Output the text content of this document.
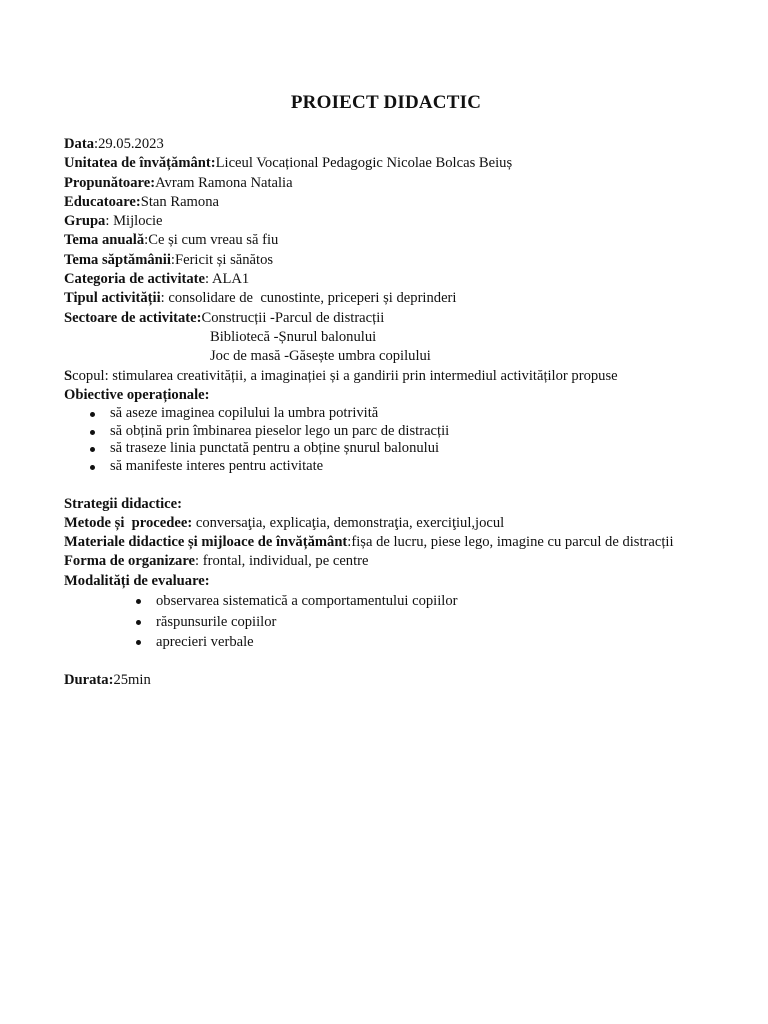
PROIECT DIDACTIC
Data:29.05.2023
Unitatea de învățământ:Liceul Vocațional Pedagogic Nicolae Bolcas Beiuș
Propunătoare:Avram Ramona Natalia
Educatoare:Stan Ramona
Grupa: Mijlocie
Tema anuală:Ce și cum vreau să fiu
Tema săptămânii:Fericit și sănătos
Categoria de activitate: ALA1
Tipul activității: consolidare de  cunostinte, priceperi și deprinderi
Sectoare de activitate:Construcții -Parcul de distracții
Bibliotecă -Șnurul balonului
Joc de masă -Găsește umbra copilului
Scopul: stimularea creativității, a imaginației și a gandirii prin intermediul activităților propuse
Obiective operaționale:
să aseze imaginea copilului la umbra potrivită
să obțină prin îmbinarea pieselor lego un parc de distracții
să traseze linia punctată pentru a obține șnurul balonului
să manifeste interes pentru activitate
Strategii didactice:
Metode și  procedee: conversaţia, explicaţia, demonstraţia, exerciţiul,jocul
Materiale didactice și mijloace de învățământ:fișa de lucru, piese lego, imagine cu parcul de distracții
Forma de organizare: frontal, individual, pe centre
Modalități de evaluare:
observarea sistematică a comportamentului copiilor
răspunsurile copiilor
aprecieri verbale
Durata:25min
